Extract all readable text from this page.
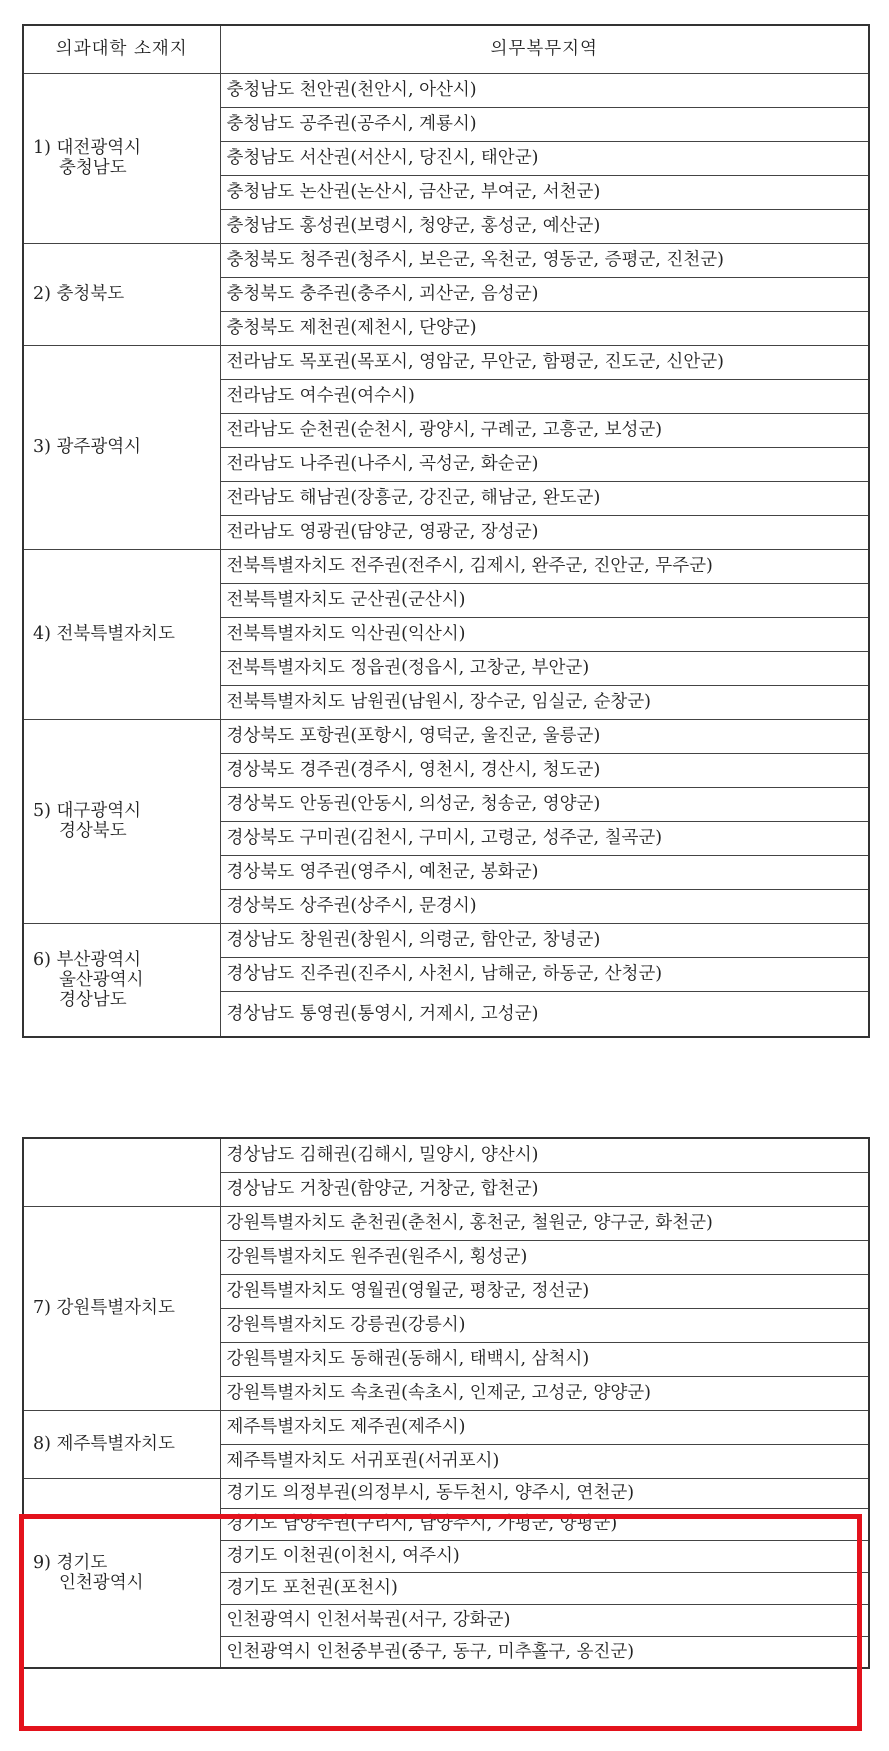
의과대학 소재지	의무복무지역

1) 대전광역시
충청남도	충청남도 천안권(천안시, 아산시)
	충청남도 공주권(공주시, 계룡시)
	충청남도 서산권(서산시, 당진시, 태안군)
	충청남도 논산권(논산시, 금산군, 부여군, 서천군)
	충청남도 홍성권(보령시, 청양군, 홍성군, 예산군)

2) 충청북도	충청북도 청주권(청주시, 보은군, 옥천군, 영동군, 증평군, 진천군)
	충청북도 충주권(충주시, 괴산군, 음성군)
	충청북도 제천권(제천시, 단양군)

3) 광주광역시	전라남도 목포권(목포시, 영암군, 무안군, 함평군, 진도군, 신안군)
	전라남도 여수권(여수시)
	전라남도 순천권(순천시, 광양시, 구례군, 고흥군, 보성군)
	전라남도 나주권(나주시, 곡성군, 화순군)
	전라남도 해남권(장흥군, 강진군, 해남군, 완도군)
	전라남도 영광권(담양군, 영광군, 장성군)

4) 전북특별자치도	전북특별자치도 전주권(전주시, 김제시, 완주군, 진안군, 무주군)
	전북특별자치도 군산권(군산시)
	전북특별자치도 익산권(익산시)
	전북특별자치도 정읍권(정읍시, 고창군, 부안군)
	전북특별자치도 남원권(남원시, 장수군, 임실군, 순창군)

5) 대구광역시
경상북도	경상북도 포항권(포항시, 영덕군, 울진군, 울릉군)
	경상북도 경주권(경주시, 영천시, 경산시, 청도군)
	경상북도 안동권(안동시, 의성군, 청송군, 영양군)
	경상북도 구미권(김천시, 구미시, 고령군, 성주군, 칠곡군)
	경상북도 영주권(영주시, 예천군, 봉화군)
	경상북도 상주권(상주시, 문경시)

6) 부산광역시
울산광역시
경상남도	경상남도 창원권(창원시, 의령군, 함안군, 창녕군)
	경상남도 진주권(진주시, 사천시, 남해군, 하동군, 산청군)
	경상남도 통영권(통영시, 거제시, 고성군)
	경상남도 김해권(김해시, 밀양시, 양산시)
	경상남도 거창권(함양군, 거창군, 합천군)

7) 강원특별자치도	강원특별자치도 춘천권(춘천시, 홍천군, 철원군, 양구군, 화천군)
	강원특별자치도 원주권(원주시, 횡성군)
	강원특별자치도 영월권(영월군, 평창군, 정선군)
	강원특별자치도 강릉권(강릉시)
	강원특별자치도 동해권(동해시, 태백시, 삼척시)
	강원특별자치도 속초권(속초시, 인제군, 고성군, 양양군)

8) 제주특별자치도	제주특별자치도 제주권(제주시)
	제주특별자치도 서귀포권(서귀포시)

9) 경기도
인천광역시	경기도 의정부권(의정부시, 동두천시, 양주시, 연천군)
	경기도 남양주권(구리시, 남양주시, 가평군, 양평군)
	경기도 이천권(이천시, 여주시)
	경기도 포천권(포천시)
	인천광역시 인천서북권(서구, 강화군)
	인천광역시 인천중부권(중구, 동구, 미추홀구, 옹진군)
